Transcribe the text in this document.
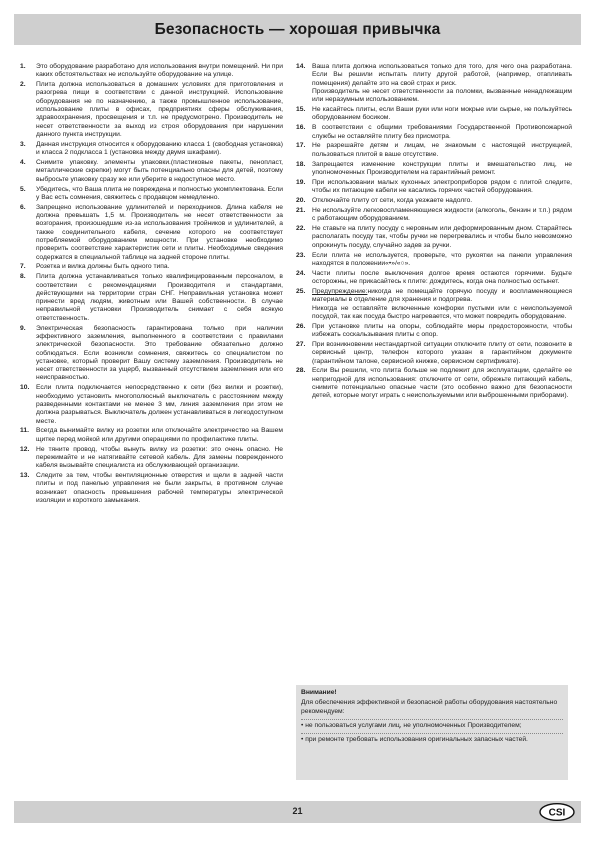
Безопасность — хорошая привычка
1.	Это оборудование разработано для использования внутри помещений. Ни при каких обстоятельствах не используйте оборудование на улице.

2.	Плита должна использоваться в домашних условиях для приготовления и разогрева пищи в соответствии с данной инструкцией. Использование оборудования не по назначению, а также промышленное использование, использование плиты в офисах, предприятиях сферы обслуживания, здравоохранения, просвещения и т.п. не предусмотрено. Производитель не несет ответственности за выход из строя оборудования при нарушении данного пункта инструкции.

3.	Данная инструкция относится к оборудованию класса 1 (свободная установка) и класса 2 подкласса 1 (установка между двумя шкафами).

4.	Снимите упаковку. элементы упаковки.(пластиковые пакеты, пенопласт, металлические скрепки) могут быть потенциально опасны для детей, поэтому выбросьте упаковку сразу же или уберите в недоступное место.

5.	Убедитесь, что Ваша плита не повреждена и полностью укомплектована. Если у Вас есть сомнения, свяжитесь с продавцом немедленно.

6.	Запрещено использование удлинителей и переходников. Длина кабеля не должна превышать 1,5 м. Производитель не несет ответственности за возгорания, произошедшие из-за использования тройников и удлинителей, а также соединительного кабеля, сечение которого не соответствует потребляемой оборудованием мощности. При установке необходимо проверить соответствие характеристик сети и плиты. Необходимые сведения содержатся в специальной таблице на задней стороне плиты.

7.	Розетка и вилка должны быть одного типа.

8.	Плита должна устанавливаться только квалифицированным персоналом, в соответствии с рекомендациями Производителя и стандартами, действующими на территории стран СНГ. Неправильная установка может принести вред людям, животным или Вашей собственности. В случае неправильной установки Производитель снимает с себя всякую ответственность.

9.	Электрическая безопасность гарантирована только при наличии эффективного заземления, выполненного в соответствии с правилами электрической безопасности. Это требование обязательно должно соблюдаться. Если возникли сомнения, свяжитесь со специалистом по установке, который проверит Вашу систему заземления. Производитель не несет ответственности за ущерб, вызванный отсутствием заземления или его неисправностью.

10.	Если плита подключается непосредственно к сети (без вилки и розетки), необходимо установить многополюсный выключатель с расстоянием между разведенными контактами не менее 3 мм, линия заземления при этом не должна разрываться. Выключатель должен устанавливаться в легкодоступном месте.

11.	Всегда вынимайте вилку из розетки или отключайте электричество на Вашем щитке перед мойкой или другими операциями по профилактике плиты.

12.	Не тяните провод, чтобы вынуть вилку из розетки: это очень опасно. Не пережимайте и не натягивайте сетевой кабель. Для замены поврежденного кабеля вызывайте специалиста из обслуживающей организации.

13.	Следите за тем, чтобы вентиляционные отверстия и щели в задней части плиты и под панелью управления не были закрыты, в противном случае возникает опасность превышения рабочей температуры электрической изоляции и короткого замыкания.

14.	Ваша плита должна использоваться только для того, для чего она разработана. Если Вы решили испытать плиту другой работой, (например, отапливать помещения) делайте это на свой страх и риск.

Производитель не несет ответственности за поломки, вызванные ненадлежащим или неразумным использованием.

15.	Не касайтесь плиты, если Ваши руки или ноги мокрые или сырые, не пользуйтесь оборудованием босиком.

16.	В соответствии с общими требованиями Государственной Противопожарной службы не оставляйте плиту без присмотра.

17.	Не разрешайте детям и лицам, не знакомым с настоящей инструкцией, пользоваться плитой в ваше отсутствие.

18.	Запрещается изменение конструкции плиты и вмешательство лиц, не уполномоченных Производителем на гарантийный ремонт.

19.	При использовании малых кухонных электроприборов рядом с плитой следите, чтобы их питающие кабели не касались горячих частей оборудования.

20.	Отключайте плиту от сети, когда уезжаете надолго.

21.	Не используйте легковоспламеняющиеся жидкости (алкоголь, бензин и т.п.) рядом с работающим оборудованием.

22.	Не ставьте на плиту посуду с неровным или деформированным дном. Старайтесь располагать посуду так, чтобы ручки не перегревались и чтобы было невозможно опрокинуть посуду, случайно задев за ручки.

23.	Если плита не используется, проверьте, что рукоятки на панели управления находятся в положении«•»/«○».

24.	Части плиты после выключения долгое время остаются горячими. Будьте осторожны, не прикасайтесь к плите: дождитесь, когда она полностью остынет.

25.	Предупреждение:никогда не помещайте горячую посуду и воспламеняющиеся материалы в отделение для хранения и подогрева.

Никогда не оставляйте включенные конфорки пустыми или с неиспользуемой посудой, так как посуда быстро нагревается, что может повредить оборудование.

26.	При установке плиты на опоры, соблюдайте меры предосторожности, чтобы избежать соскальзывания плиты с опор.

27.	При возникновении нестандартной ситуации отключите плиту от сети, позвоните в сервисный центр, телефон которого указан в гарантийном документе (гарантийном талоне, сервисной книжке, сервисном сертификате).

28.	Если Вы решили, что плита больше не подлежит для эксплуатации, сделайте ее непригодной для использования: отключите от сети, обрежьте питающий кабель, снимите потенциально опасные части (это особенно важно для безопасности детей, которые могут играть с неиспользуемыми или выброшенными приборами).

Внимание!

Для обеспечения эффективной и безопасной работы оборудования настоятельно рекомендуем:

• не пользоваться услугами лиц, не уполномоченных Производителем;

• при ремонте требовать использования оригинальных запасных частей.

21	CSI
